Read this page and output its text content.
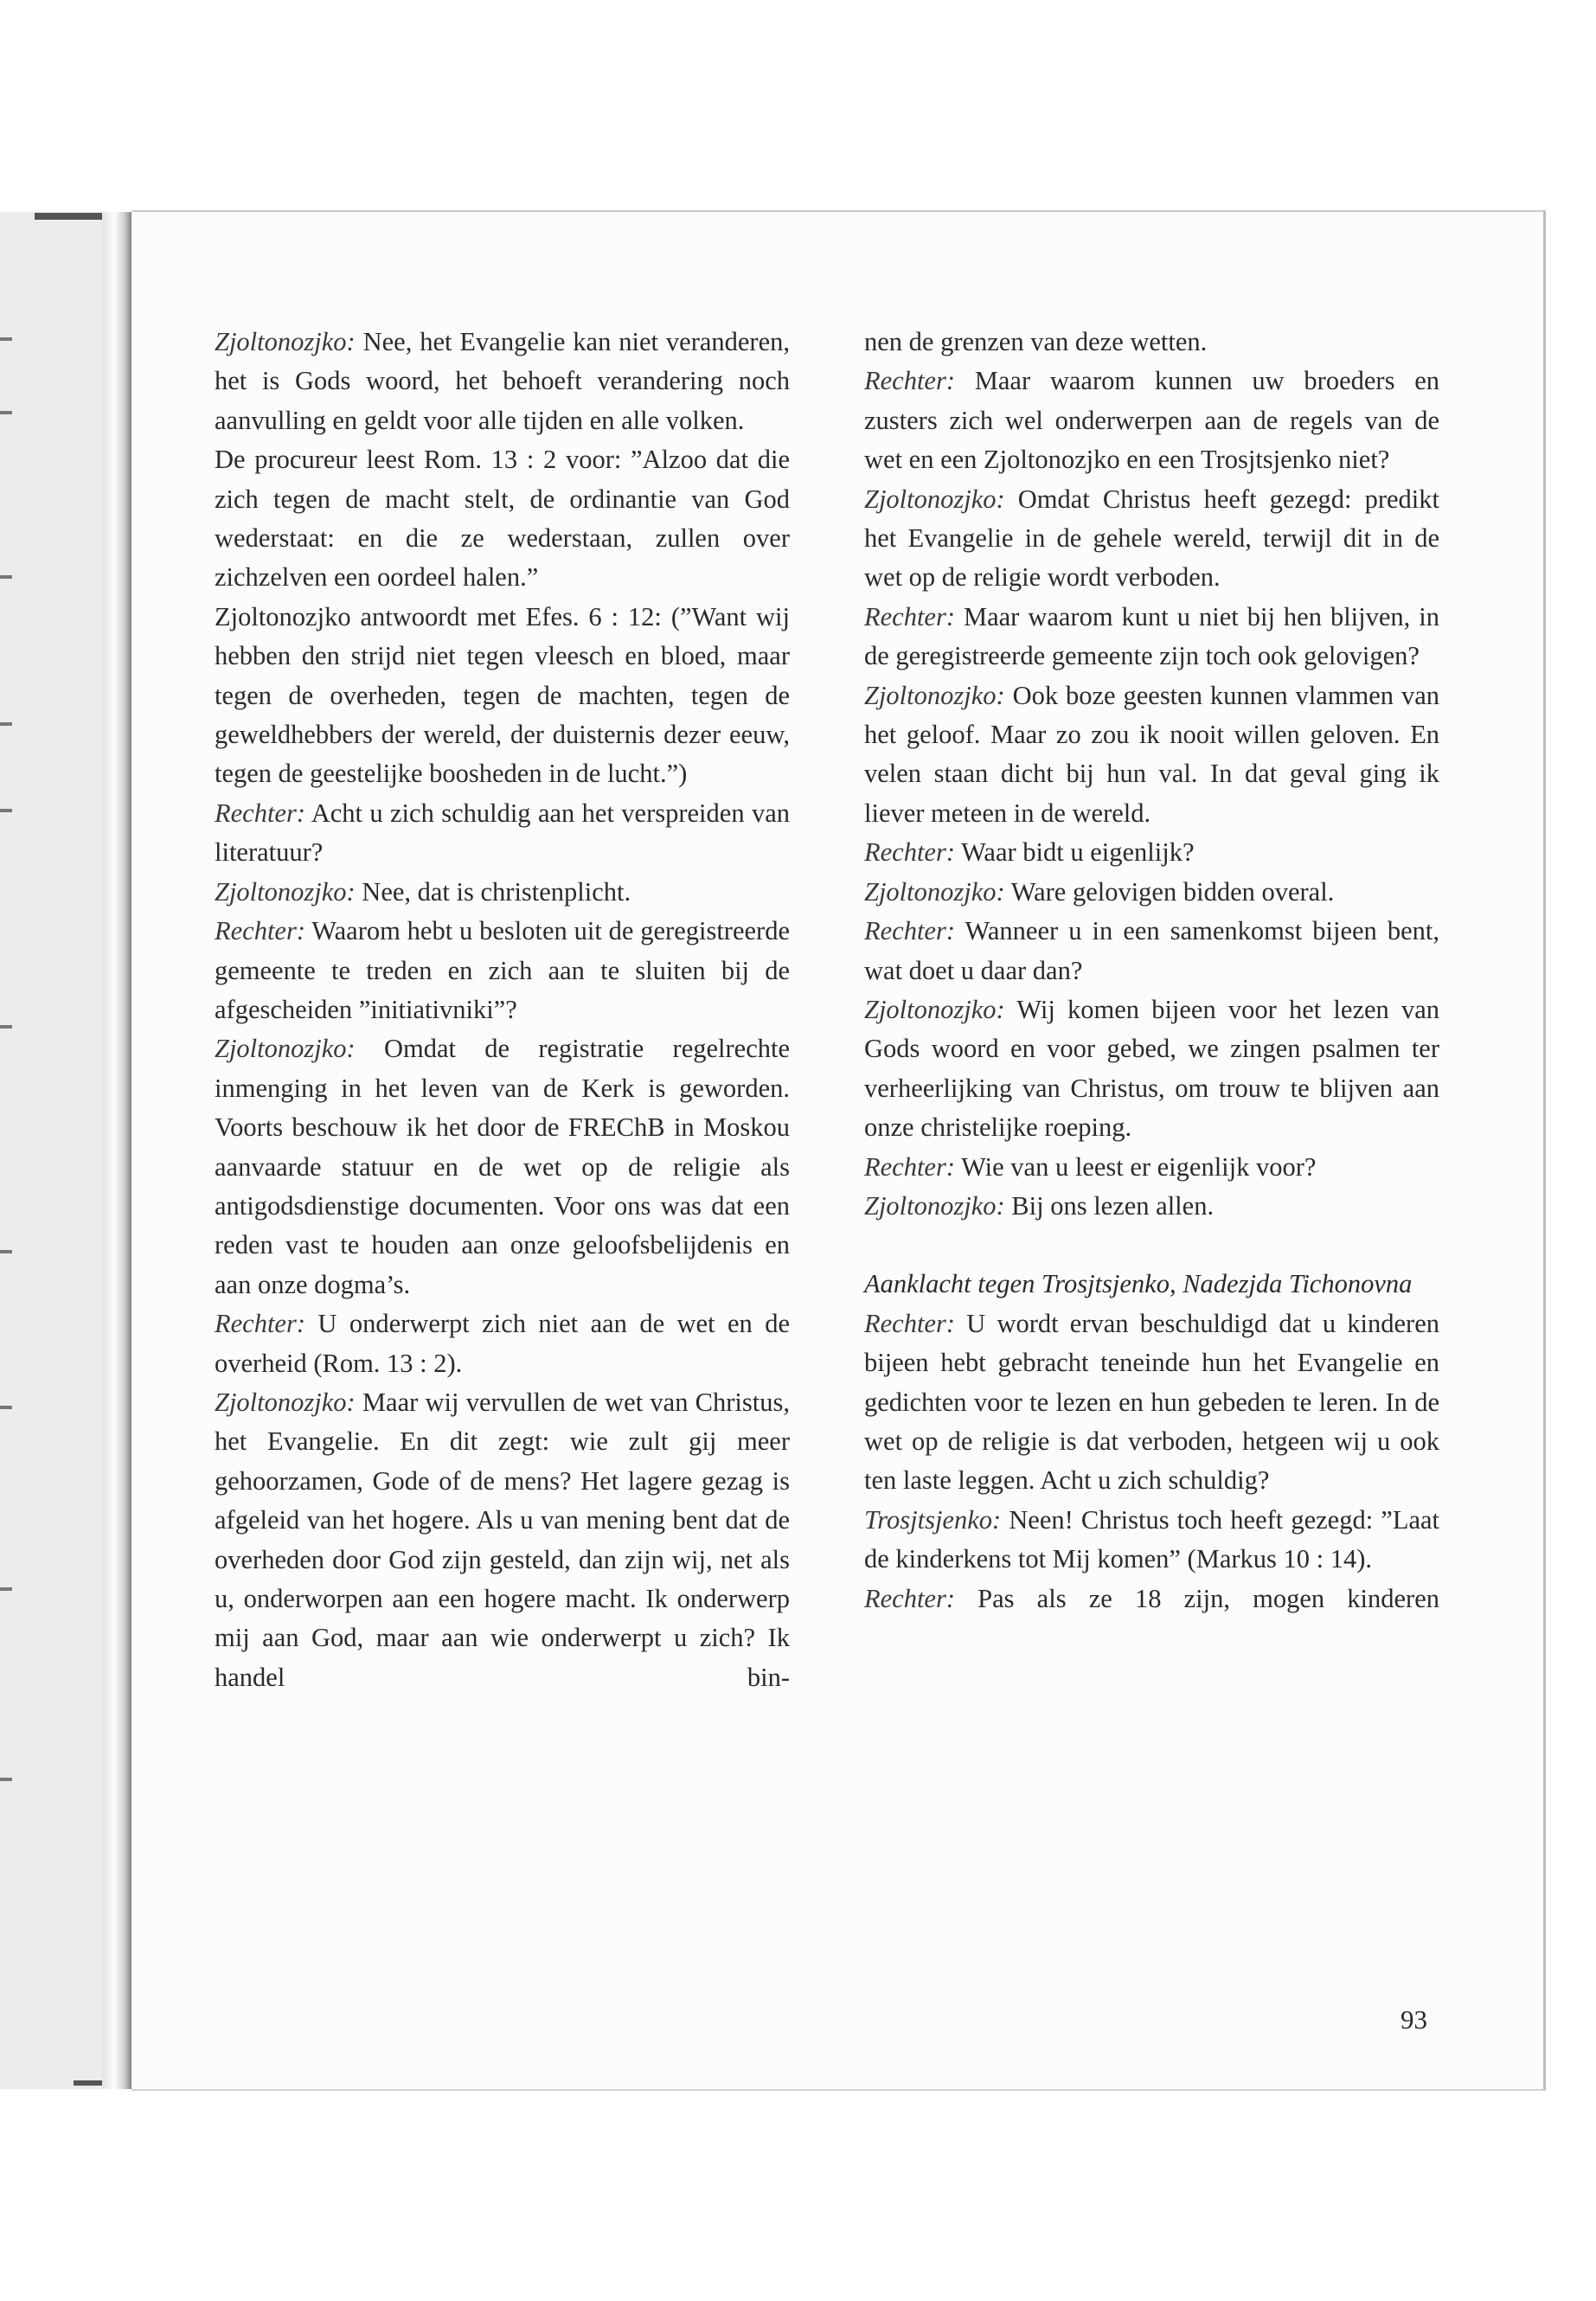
Zjoltonozjko: Nee, het Evangelie kan niet veranderen, het is Gods woord, het behoeft verandering noch aanvulling en geldt voor alle tijden en alle volken.

De procureur leest Rom. 13 : 2 voor: ”Alzoo dat die zich tegen de macht stelt, de ordinantie van God wederstaat: en die ze wederstaan, zullen over zichzelven een oordeel halen.”

Zjoltonozjko antwoordt met Efes. 6 : 12: (”Want wij hebben den strijd niet tegen vleesch en bloed, maar tegen de overheden, tegen de machten, tegen de geweldhebbers der wereld, der duisternis dezer eeuw, tegen de geestelijke boosheden in de lucht.”)

Rechter: Acht u zich schuldig aan het verspreiden van literatuur?

Zjoltonozjko: Nee, dat is christenplicht.

Rechter: Waarom hebt u besloten uit de geregistreerde gemeente te treden en zich aan te sluiten bij de afgescheiden ”initiativniki”?

Zjoltonozjko: Omdat de registratie regelrechte inmenging in het leven van de Kerk is geworden. Voorts beschouw ik het door de FREChB in Moskou aanvaarde statuur en de wet op de religie als antigodsdienstige documenten. Voor ons was dat een reden vast te houden aan onze geloofsbelijdenis en aan onze dogma’s.

Rechter: U onderwerpt zich niet aan de wet en de overheid (Rom. 13 : 2).

Zjoltonozjko: Maar wij vervullen de wet van Christus, het Evangelie. En dit zegt: wie zult gij meer gehoorzamen, Gode of de mens? Het lagere gezag is afgeleid van het hogere. Als u van mening bent dat de overheden door God zijn gesteld, dan zijn wij, net als u, onderworpen aan een hogere macht. Ik onderwerp mij aan God, maar aan wie onderwerpt u zich? Ik handel bin-

nen de grenzen van deze wetten.

Rechter: Maar waarom kunnen uw broeders en zusters zich wel onderwerpen aan de regels van de wet en een Zjoltonozjko en een Trosjtsjenko niet?

Zjoltonozjko: Omdat Christus heeft gezegd: predikt het Evangelie in de gehele wereld, terwijl dit in de wet op de religie wordt verboden.

Rechter: Maar waarom kunt u niet bij hen blijven, in de geregistreerde gemeente zijn toch ook gelovigen?

Zjoltonozjko: Ook boze geesten kunnen vlammen van het geloof. Maar zo zou ik nooit willen geloven. En velen staan dicht bij hun val. In dat geval ging ik liever meteen in de wereld.

Rechter: Waar bidt u eigenlijk?

Zjoltonozjko: Ware gelovigen bidden overal.

Rechter: Wanneer u in een samenkomst bijeen bent, wat doet u daar dan?

Zjoltonozjko: Wij komen bijeen voor het lezen van Gods woord en voor gebed, we zingen psalmen ter verheerlijking van Christus, om trouw te blijven aan onze christelijke roeping.

Rechter: Wie van u leest er eigenlijk voor?

Zjoltonozjko: Bij ons lezen allen.

Aanklacht tegen Trosjtsjenko, Nadezjda Tichonovna

Rechter: U wordt ervan beschuldigd dat u kinderen bijeen hebt gebracht teneinde hun het Evangelie en gedichten voor te lezen en hun gebeden te leren. In de wet op de religie is dat verboden, hetgeen wij u ook ten laste leggen. Acht u zich schuldig?

Trosjtsjenko: Neen! Christus toch heeft gezegd: ”Laat de kinderkens tot Mij komen” (Markus 10 : 14).

Rechter: Pas als ze 18 zijn, mogen kinderen

93
